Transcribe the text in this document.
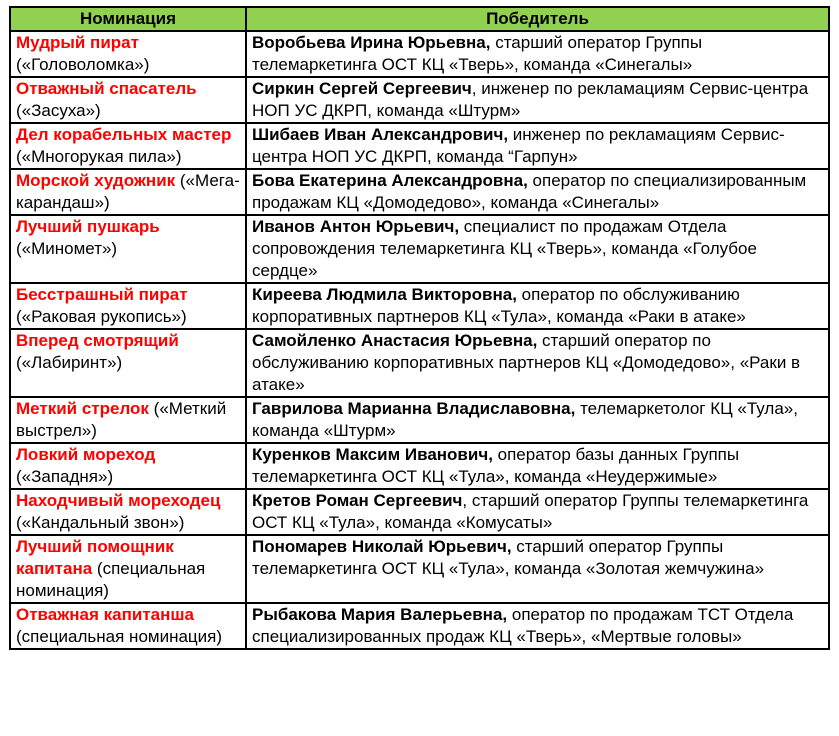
Номинация	Победитель
Мудрый пират («Головоломка»)	Воробьева Ирина Юрьевна, старший оператор Группы телемаркетинга ОСТ КЦ «Тверь», команда «Синегалы»
Отважный спасатель («Засуха»)	Сиркин Сергей Сергеевич, инженер по рекламациям Сервис-центра НОП УС ДКРП, команда «Штурм»
Дел корабельных мастер («Многорукая пила»)	Шибаев Иван Александрович, инженер по рекламациям Сервис-центра НОП УС ДКРП, команда “Гарпун»
Морской художник («Мега-карандаш»)	Бова Екатерина Александровна, оператор по специализированным продажам КЦ «Домодедово», команда «Синегалы»
Лучший пушкарь («Миномет»)	Иванов Антон Юрьевич, специалист по продажам Отдела сопровождения телемаркетинга КЦ «Тверь», команда «Голубое сердце»
Бесстрашный пират («Раковая рукопись»)	Киреева Людмила Викторовна, оператор по обслуживанию корпоративных партнеров КЦ «Тула», команда «Раки в атаке»
Вперед смотрящий («Лабиринт»)	Самойленко Анастасия Юрьевна, старший оператор по обслуживанию корпоративных партнеров КЦ «Домодедово», «Раки в атаке»
Меткий стрелок («Меткий выстрел»)	Гаврилова Марианна Владиславовна, телемаркетолог КЦ «Тула», команда «Штурм»
Ловкий мореход («Западня»)	Куренков Максим Иванович, оператор базы данных Группы телемаркетинга ОСТ КЦ «Тула», команда «Неудержимые»
Находчивый мореходец («Кандальный звон»)	Кретов Роман Сергеевич, старший оператор Группы телемаркетинга ОСТ КЦ «Тула», команда «Комусаты»
Лучший помощник капитана (специальная номинация)	Пономарев Николай Юрьевич, старший оператор Группы телемаркетинга ОСТ КЦ «Тула», команда «Золотая жемчужина»
Отважная капитанша (специальная номинация)	Рыбакова Мария Валерьевна, оператор по продажам ТСТ Отдела специализированных продаж КЦ «Тверь», «Мертвые головы»
